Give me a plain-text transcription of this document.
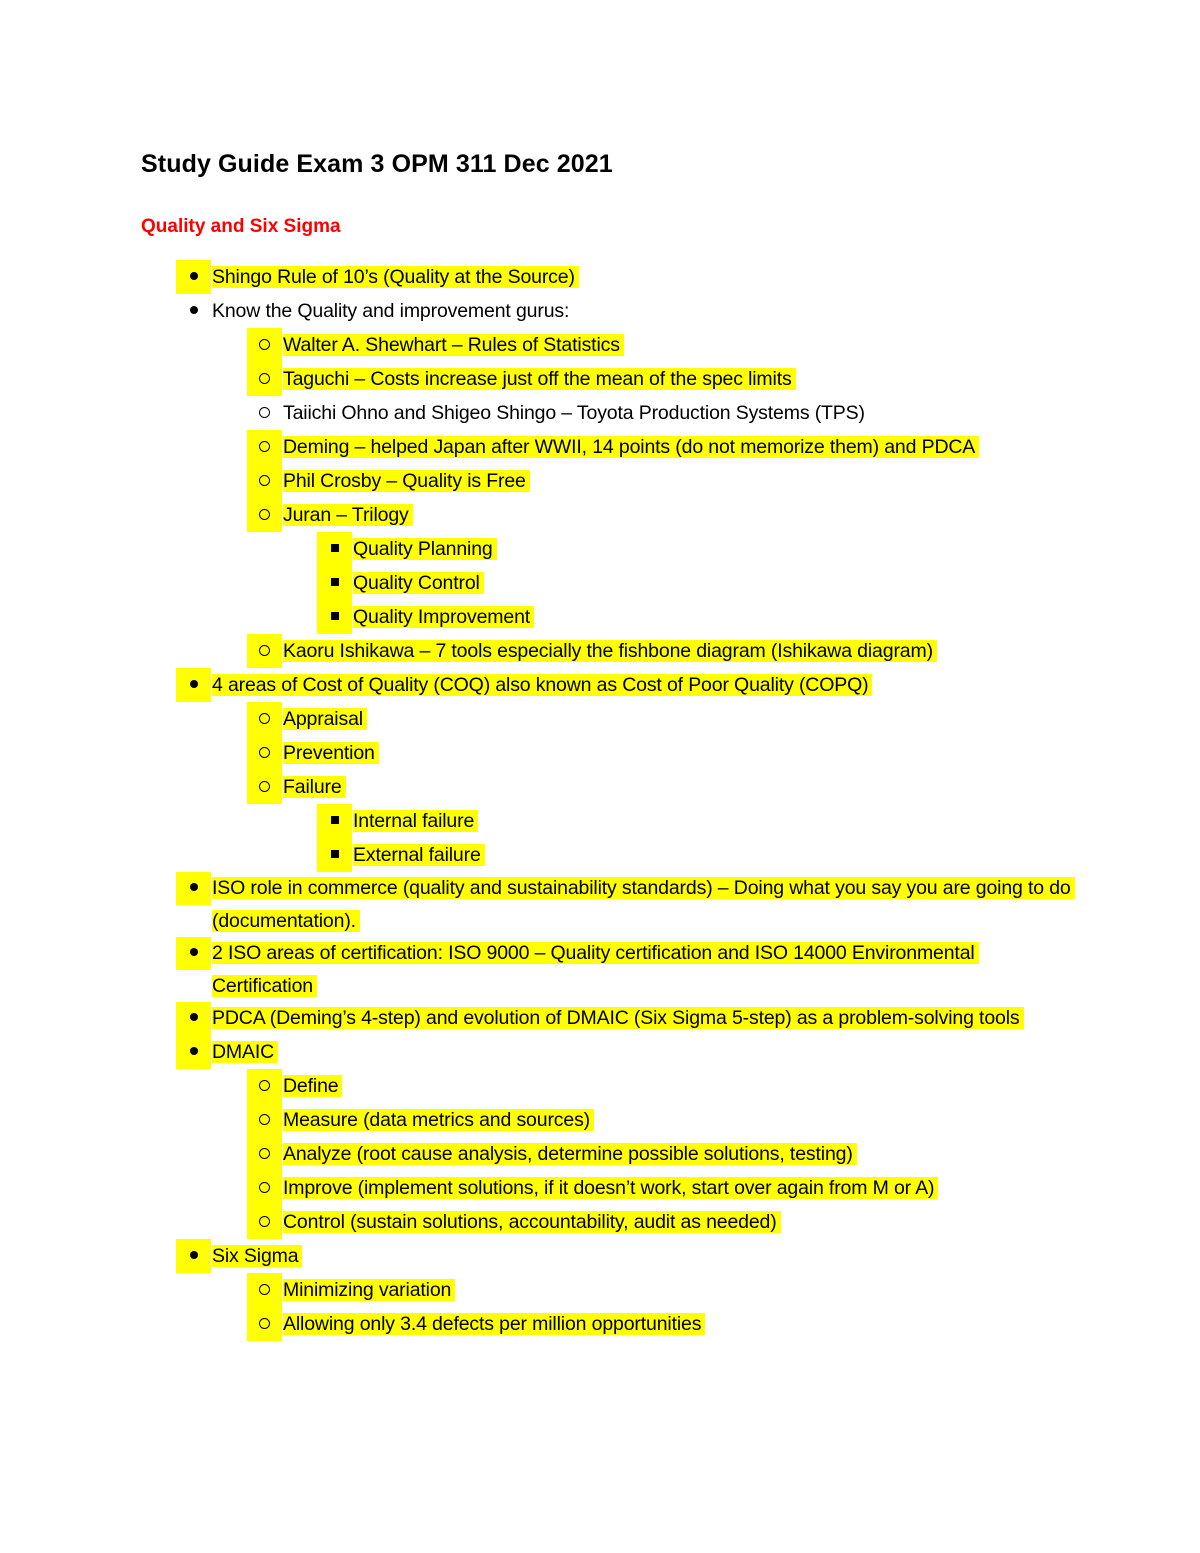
Study Guide Exam 3 OPM 311 Dec 2021
Quality and Six Sigma
Shingo Rule of 10’s (Quality at the Source)
Know the Quality and improvement gurus:
Walter A. Shewhart – Rules of Statistics
Taguchi – Costs increase just off the mean of the spec limits
Taiichi Ohno and Shigeo Shingo – Toyota Production Systems (TPS)
Deming – helped Japan after WWII, 14 points (do not memorize them) and PDCA
Phil Crosby – Quality is Free
Juran – Trilogy
Quality Planning
Quality Control
Quality Improvement
Kaoru Ishikawa – 7 tools especially the fishbone diagram (Ishikawa diagram)
4 areas of Cost of Quality (COQ) also known as Cost of Poor Quality (COPQ)
Appraisal
Prevention
Failure
Internal failure
External failure
ISO role in commerce (quality and sustainability standards) – Doing what you say you are going to do (documentation).
2 ISO areas of certification: ISO 9000 – Quality certification and ISO 14000 Environmental Certification
PDCA (Deming’s 4-step) and evolution of DMAIC (Six Sigma 5-step) as a problem-solving tools
DMAIC
Define
Measure (data metrics and sources)
Analyze (root cause analysis, determine possible solutions, testing)
Improve (implement solutions, if it doesn’t work, start over again from M or A)
Control (sustain solutions, accountability, audit as needed)
Six Sigma
Minimizing variation
Allowing only 3.4 defects per million opportunities
